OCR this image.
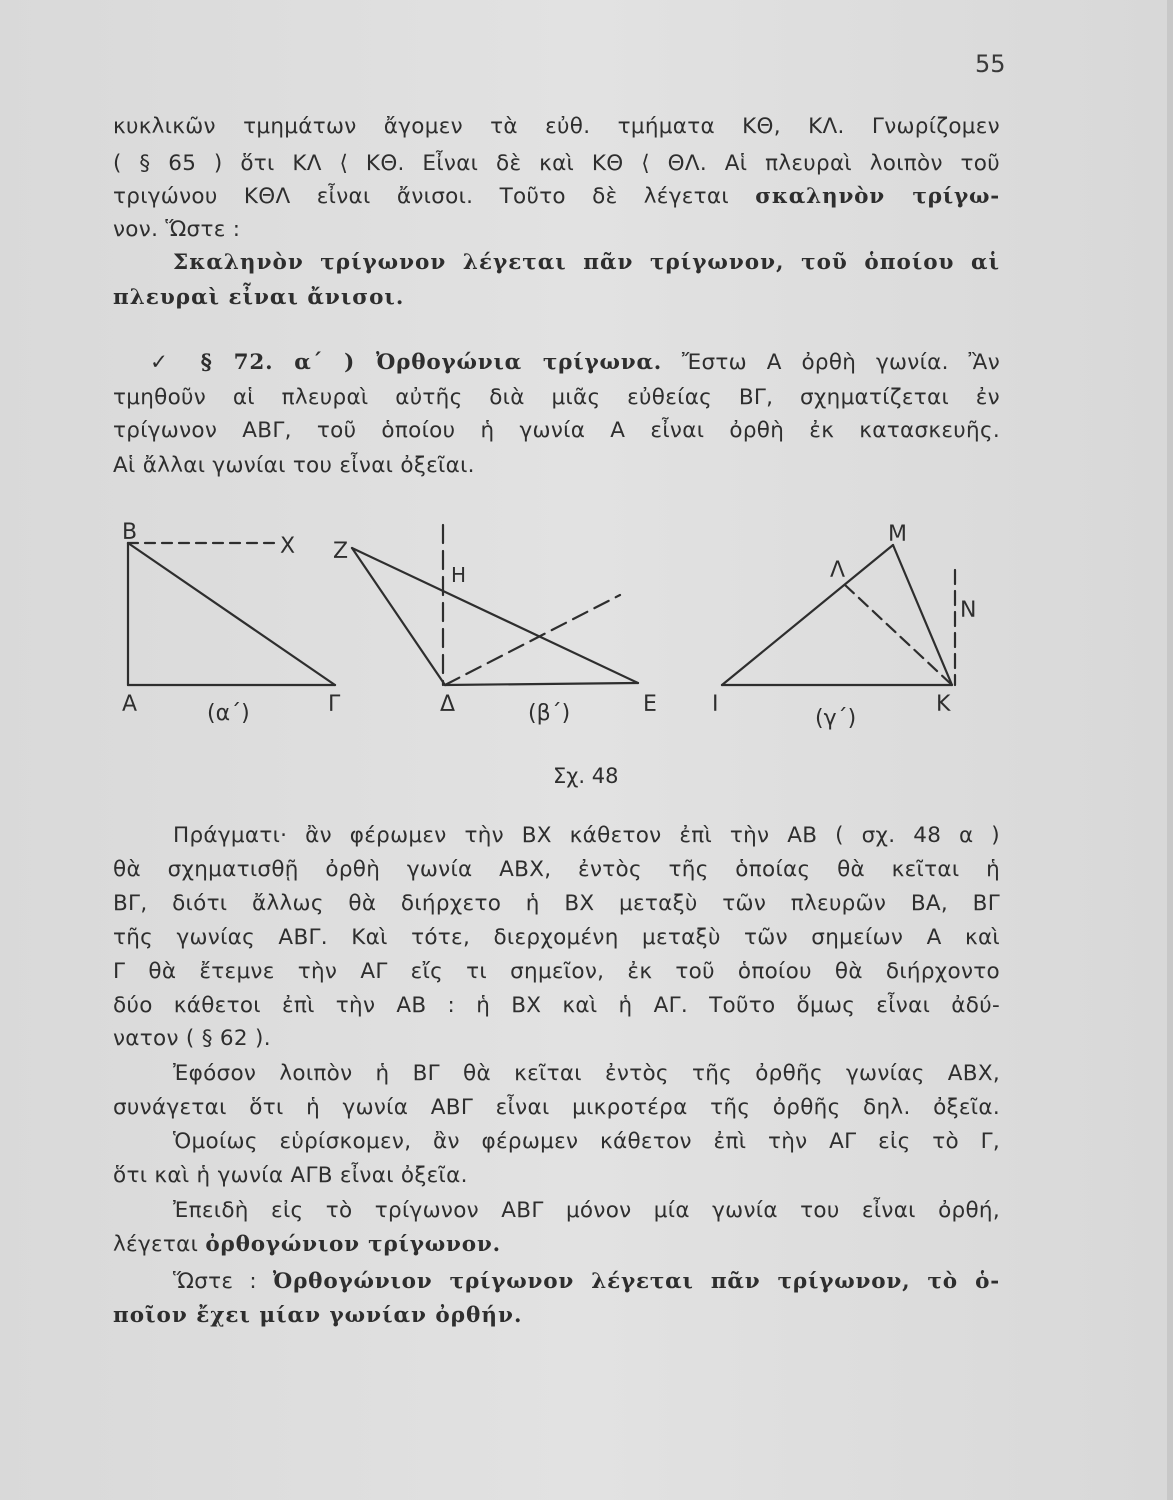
55
κυκλικῶν τμημάτων ἄγομεν τὰ εὐθ. τμήματα ΚΘ, ΚΛ. Γνωρίζομεν
( § 65 ) ὅτι ΚΛ ⟨ ΚΘ. Εἶναι δὲ καὶ ΚΘ ⟨ ΘΛ. Αἱ πλευραὶ λοιπὸν τοῦ
τριγώνου ΚΘΛ εἶναι ἄνισοι. Τοῦτο δὲ λέγεται σκαληνὸν τρίγω-
νον. Ὥστε :
Σκαληνὸν τρίγωνον λέγεται πᾶν τρίγωνον, τοῦ ὁποίου αἱ
πλευραὶ εἶναι ἄνισοι.
✓ § 72. α΄ ) Ὀρθογώνια τρίγωνα. Ἔστω Α ὀρθὴ γωνία. Ἂν
τμηθοῦν αἱ πλευραὶ αὐτῆς διὰ μιᾶς εὐθείας ΒΓ, σχηματίζεται ἐν
τρίγωνον ΑΒΓ, τοῦ ὁποίου ἡ γωνία Α εἶναι ὀρθὴ ἐκ κατασκευῆς.
Αἱ ἄλλαι γωνίαι του εἶναι ὀξεῖαι.
Β
Χ
Α	Γ
(α΄)
Ζ
Η
Δ	Ε
(β΄)
Μ
Λ
Ν
Ι	Κ
(γ΄)
Σχ. 48
Πράγματι· ἂν φέρωμεν τὴν ΒΧ κάθετον ἐπὶ τὴν ΑΒ ( σχ. 48 α )
θὰ σχηματισθῇ ὀρθὴ γωνία ΑΒΧ, ἐντὸς τῆς ὁποίας θὰ κεῖται ἡ
ΒΓ, διότι ἄλλως θὰ διήρχετο ἡ ΒΧ μεταξὺ τῶν πλευρῶν ΒΑ, ΒΓ
τῆς γωνίας ΑΒΓ. Καὶ τότε, διερχομένη μεταξὺ τῶν σημείων Α καὶ
Γ θὰ ἔτεμνε τὴν ΑΓ εἴς τι σημεῖον, ἐκ τοῦ ὁποίου θὰ διήρχοντο
δύο κάθετοι ἐπὶ τὴν ΑΒ : ἡ ΒΧ καὶ ἡ ΑΓ. Τοῦτο ὅμως εἶναι ἀδύ-
νατον ( § 62 ).
Ἐφόσον λοιπὸν ἡ ΒΓ θὰ κεῖται ἐντὸς τῆς ὀρθῆς γωνίας ΑΒΧ,
συνάγεται ὅτι ἡ γωνία ΑΒΓ εἶναι μικροτέρα τῆς ὀρθῆς δηλ. ὀξεῖα.
Ὁμοίως εὑρίσκομεν, ἂν φέρωμεν κάθετον ἐπὶ τὴν ΑΓ εἰς τὸ Γ,
ὅτι καὶ ἡ γωνία ΑΓΒ εἶναι ὀξεῖα.
Ἐπειδὴ εἰς τὸ τρίγωνον ΑΒΓ μόνον μία γωνία του εἶναι ὀρθή,
λέγεται ὀρθογώνιον τρίγωνον.
Ὥστε : Ὀρθογώνιον τρίγωνον λέγεται πᾶν τρίγωνον, τὸ ὁ-
ποῖον ἔχει μίαν γωνίαν ὀρθήν.
